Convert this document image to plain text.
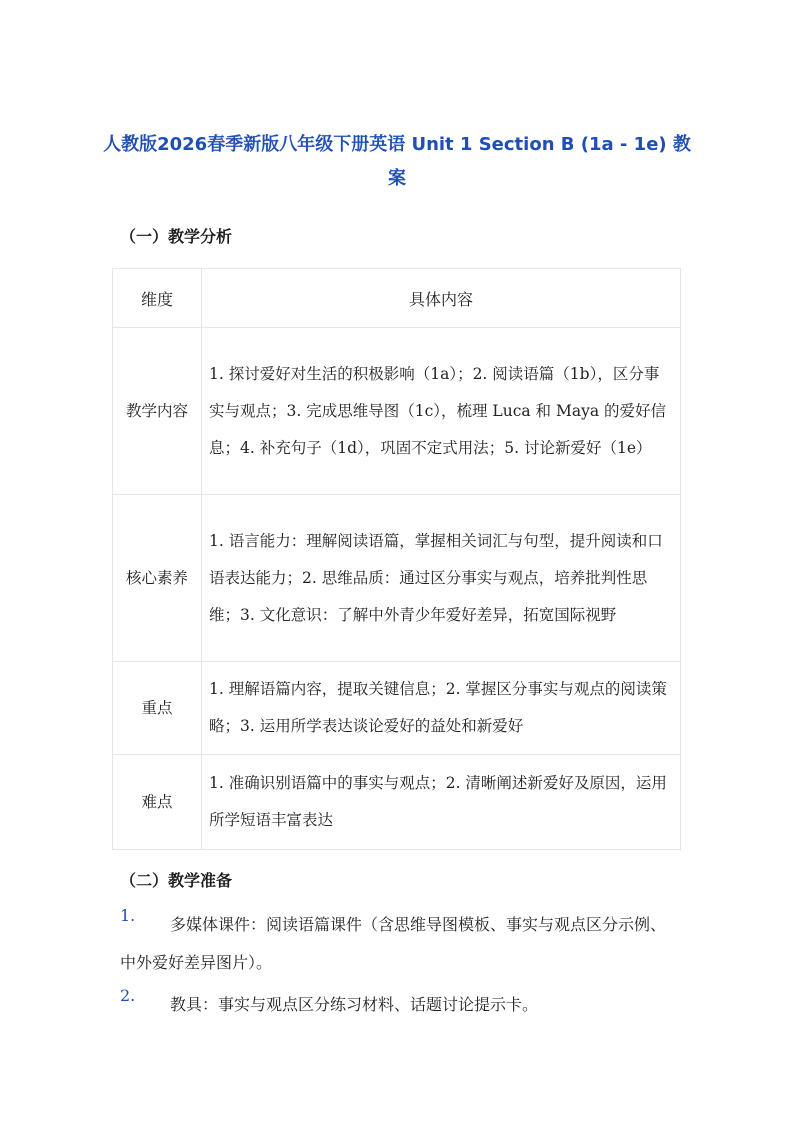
人教版2026春季新版八年级下册英语 Unit 1 Section B (1a - 1e) 教案
（一）教学分析
维度	具体内容
教学内容	1. 探讨爱好对生活的积极影响（1a）；2. 阅读语篇（1b），区分事实与观点；3. 完成思维导图（1c），梳理 Luca 和 Maya 的爱好信息；4. 补充句子（1d），巩固不定式用法；5. 讨论新爱好（1e）
核心素养	1. 语言能力：理解阅读语篇，掌握相关词汇与句型，提升阅读和口语表达能力；2. 思维品质：通过区分事实与观点，培养批判性思维；3. 文化意识：了解中外青少年爱好差异，拓宽国际视野
重点	1. 理解语篇内容，提取关键信息；2. 掌握区分事实与观点的阅读策略；3. 运用所学表达谈论爱好的益处和新爱好
难点	1. 准确识别语篇中的事实与观点；2. 清晰阐述新爱好及原因，运用所学短语丰富表达
（二）教学准备
1.	多媒体课件：阅读语篇课件（含思维导图模板、事实与观点区分示例、中外爱好差异图片）。
2.	教具：事实与观点区分练习材料、话题讨论提示卡。
